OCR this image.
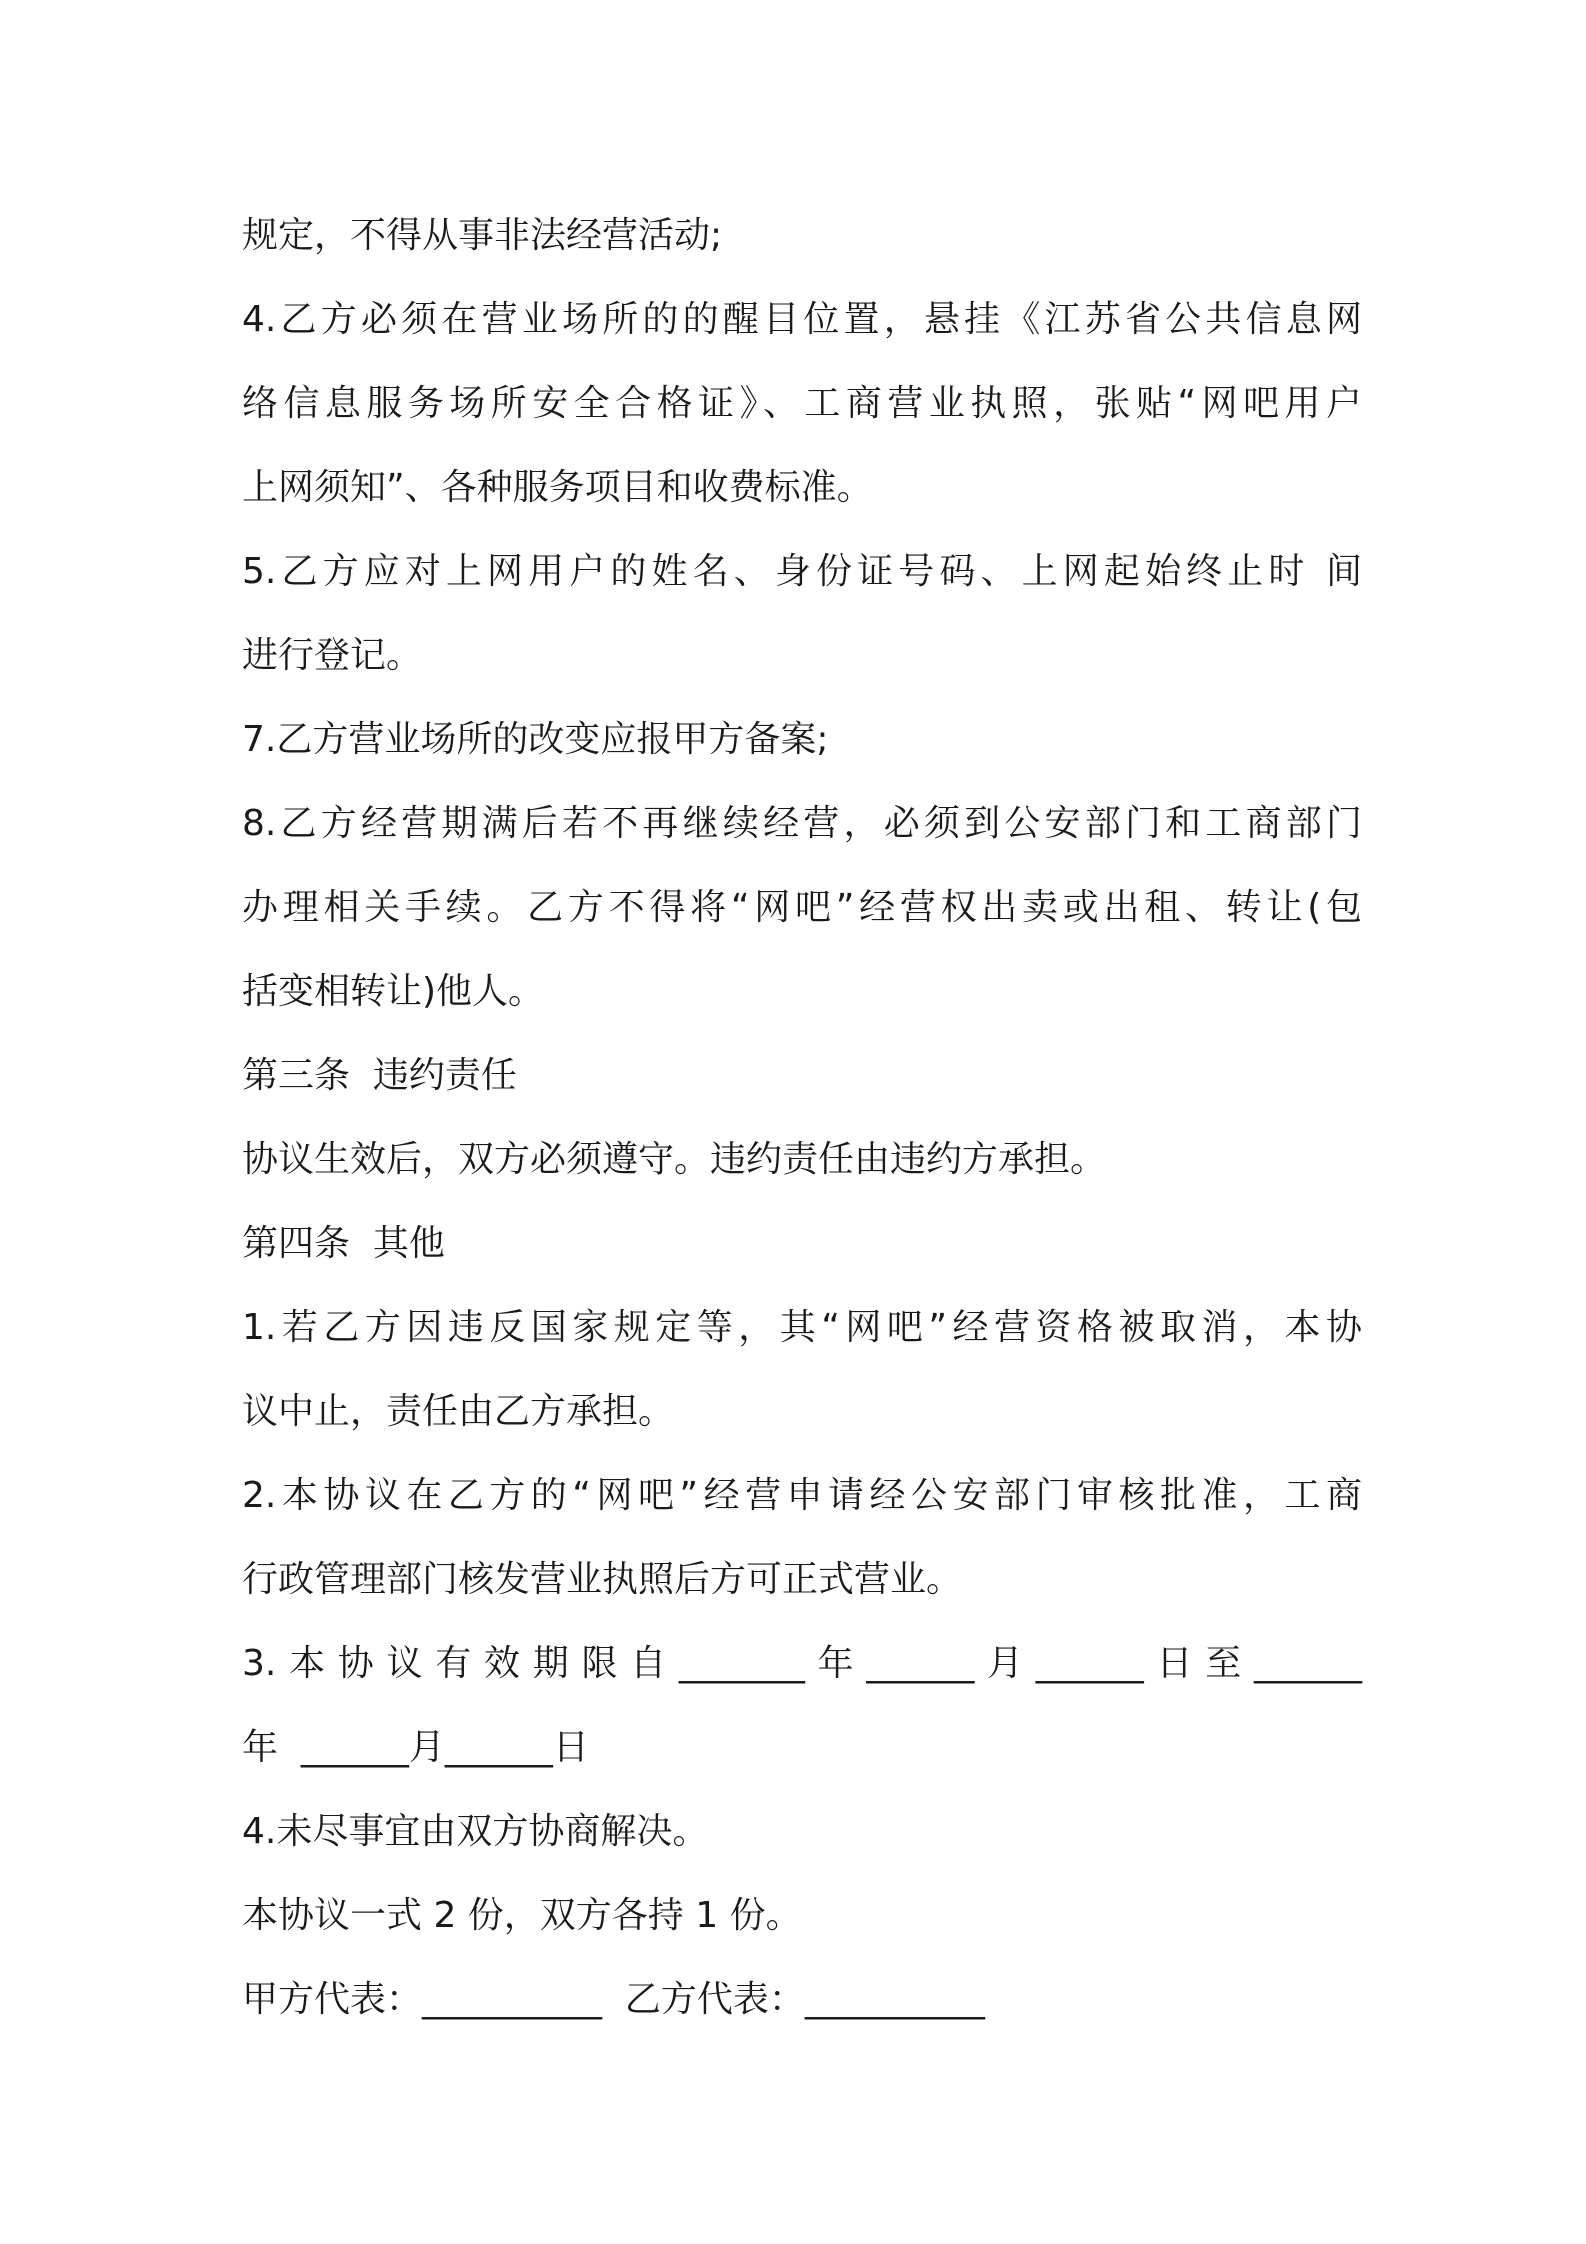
规定，不得从事非法经营活动;
4.乙方必须在营业场所的的醒目位置，悬挂《江苏省公共信息网
络信息服务场所安全合格证》、工商营业执照，张贴“网吧用户
上网须知”、各种服务项目和收费标准。
5.乙方应对上网用户的姓名、身份证号码、上网起始终止时 间
进行登记。
7.乙方营业场所的改变应报甲方备案;
8.乙方经营期满后若不再继续经营，必须到公安部门和工商部门
办理相关手续。乙方不得将“网吧”经营权出卖或出租、转让(包
括变相转让)他人。
第三条  违约责任
协议生效后，双方必须遵守。违约责任由违约方承担。
第四条  其他
1.若乙方因违反国家规定等，其“网吧”经营资格被取消，本协
议中止，责任由乙方承担。
2.本协议在乙方的“网吧”经营申请经公安部门审核批准，工商
行政管理部门核发营业执照后方可正式营业。
3.本协议有效期限自_______年______月______日至______
年  ______月______日
4.未尽事宜由双方协商解决。
本协议一式 2 份，双方各持 1 份。
甲方代表：__________  乙方代表：__________
